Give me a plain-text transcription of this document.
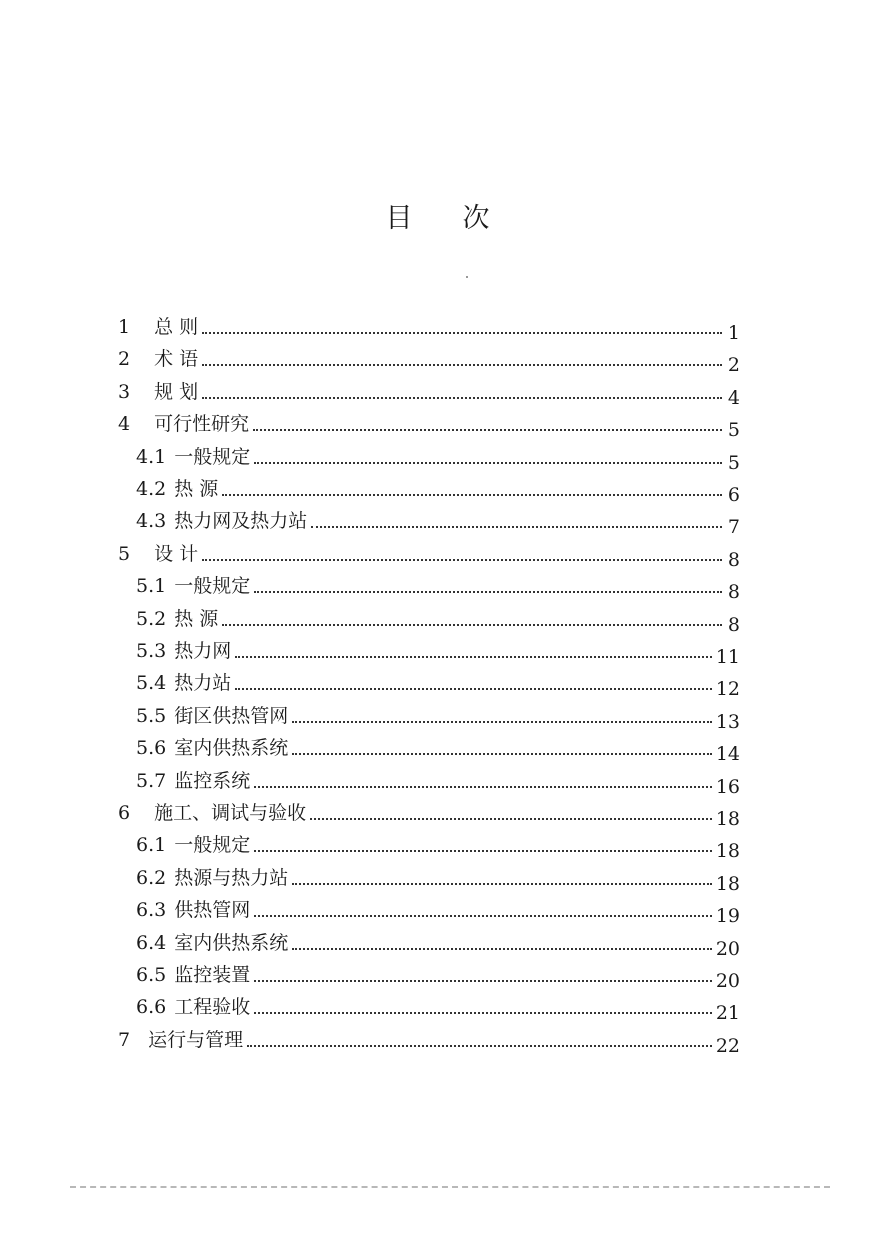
目 次
1 总 则	1
2 术 语	2
3 规 划	4
4 可行性研究	5
4.1 一般规定	5
4.2 热 源	6
4.3 热力网及热力站	7
5 设 计	8
5.1 一般规定	8
5.2 热 源	8
5.3 热力网	11
5.4 热力站	12
5.5 街区供热管网	13
5.6 室内供热系统	14
5.7 监控系统	16
6 施工、调试与验收	18
6.1 一般规定	18
6.2 热源与热力站	18
6.3 供热管网	19
6.4 室内供热系统	20
6.5 监控装置	20
6.6 工程验收	21
7 运行与管理	22
